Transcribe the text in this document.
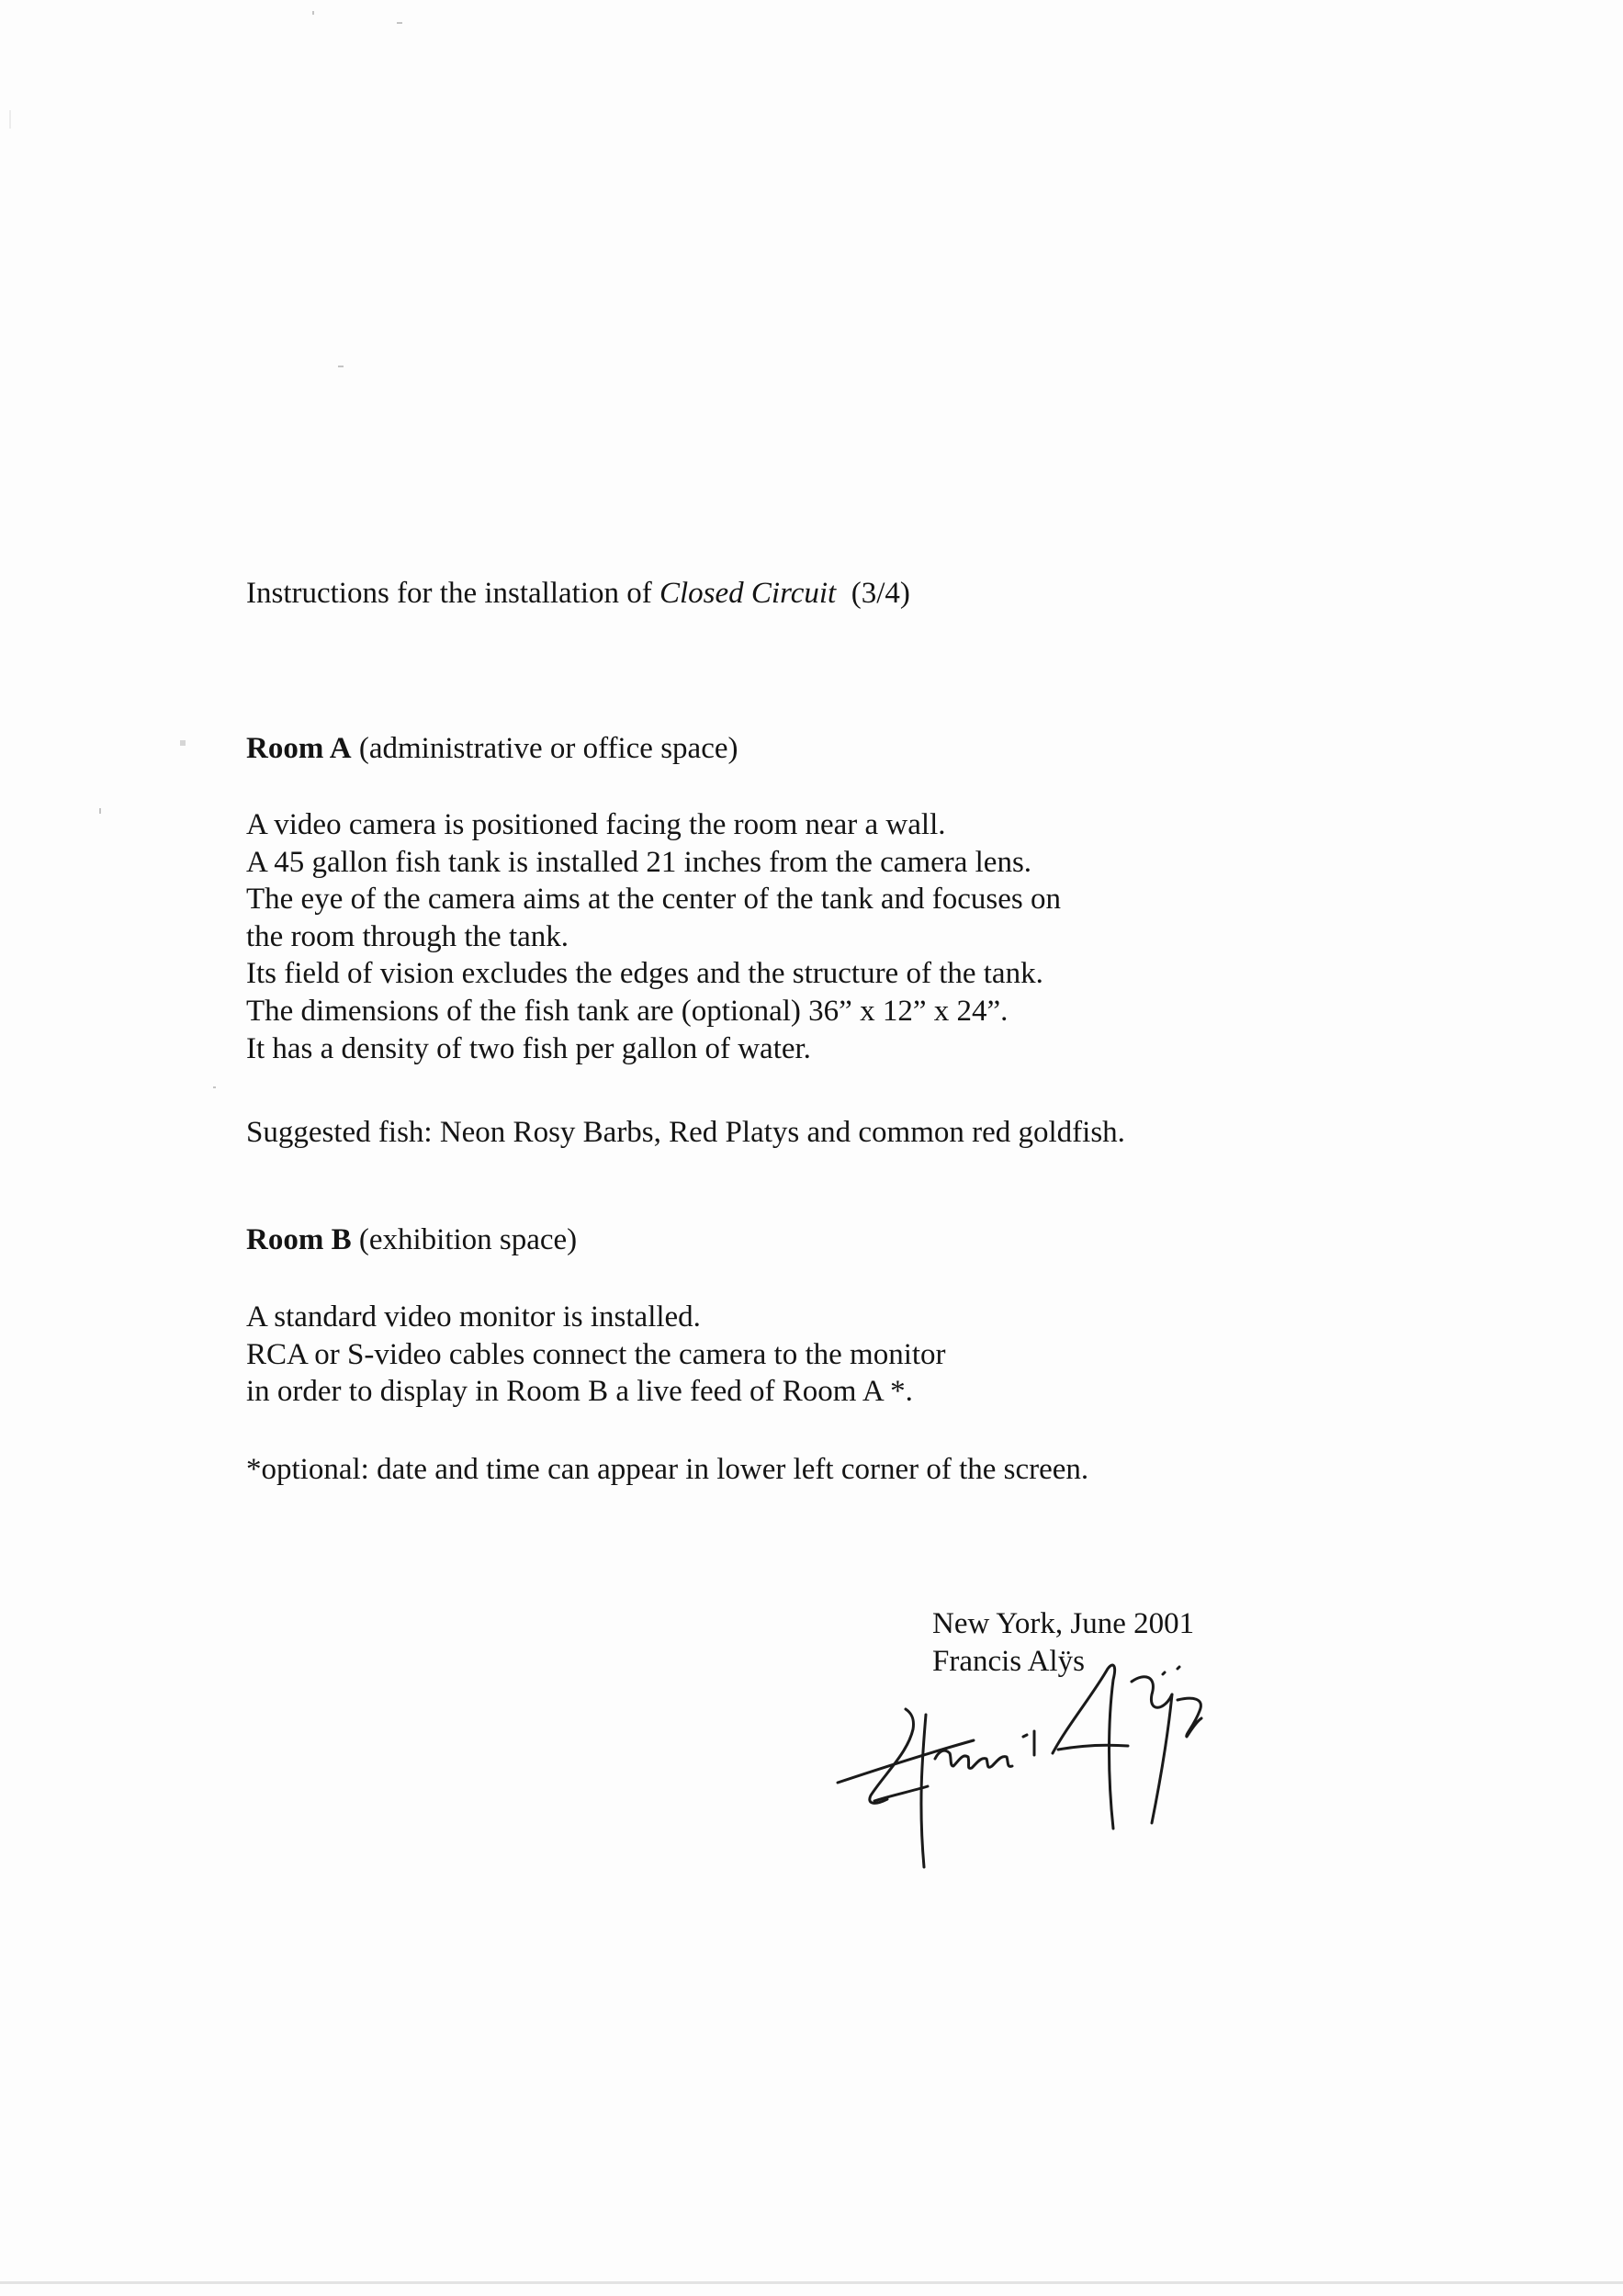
Instructions for the installation of Closed Circuit  (3/4)
Room A (administrative or office space)
A video camera is positioned facing the room near a wall.
A 45 gallon fish tank is installed 21 inches from the camera lens.
The eye of the camera aims at the center of the tank and focuses on
the room through the tank.
Its field of vision excludes the edges and the structure of the tank.
The dimensions of the fish tank are (optional) 36” x 12” x 24”.
It has a density of two fish per gallon of water.
Suggested fish: Neon Rosy Barbs, Red Platys and common red goldfish.
Room B (exhibition space)
A standard video monitor is installed.
RCA or S-video cables connect the camera to the monitor
in order to display in Room B a live feed of Room A *.
*optional: date and time can appear in lower left corner of the screen.
New York, June 2001
Francis Alÿs
